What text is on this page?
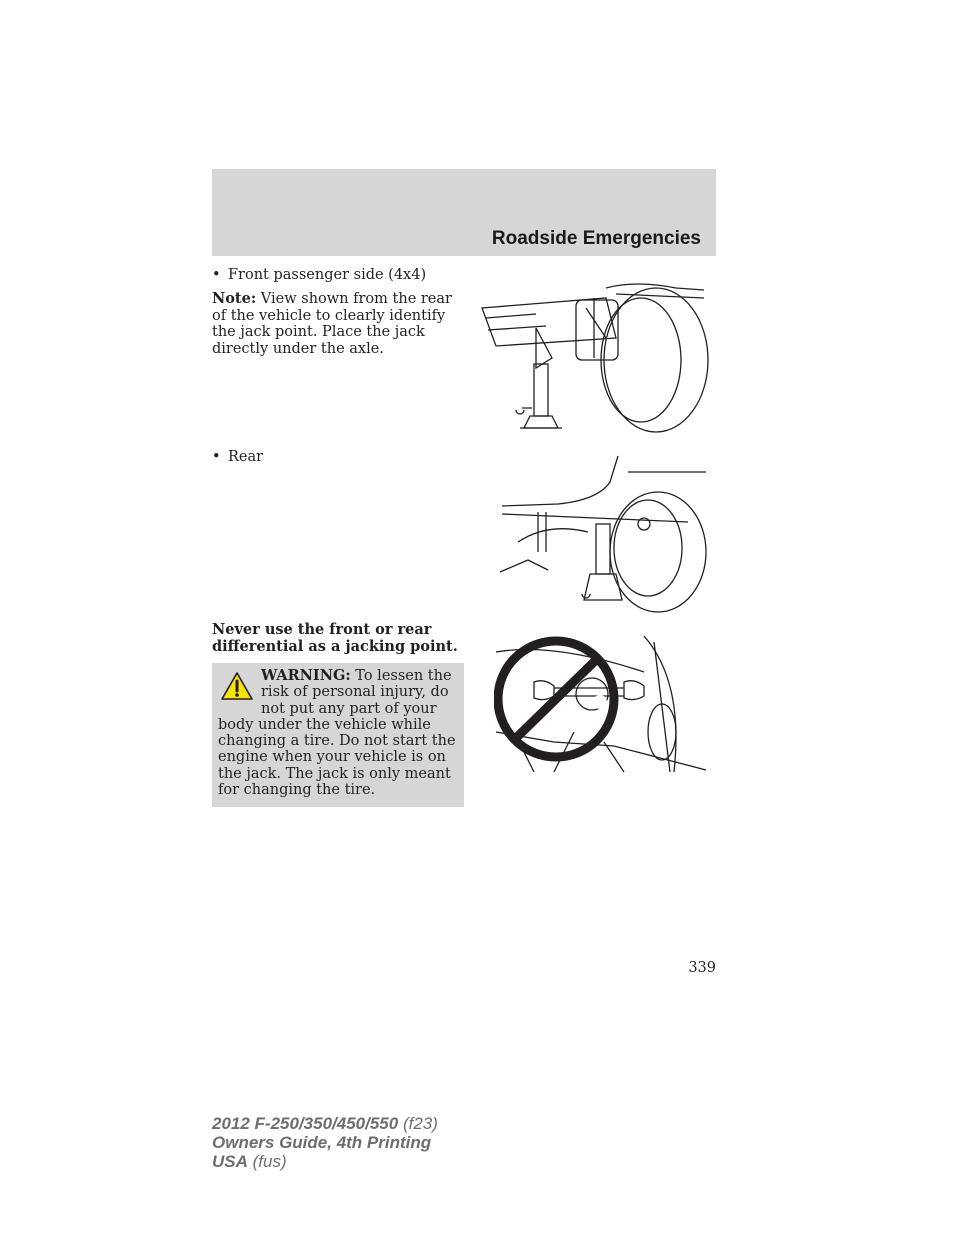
Roadside Emergencies
• Front passenger side (4x4)
Note: View shown from the rear of the vehicle to clearly identify the jack point. Place the jack directly under the axle.
• Rear
Never use the front or rear differential as a jacking point.
WARNING: To lessen the risk of personal injury, do not put any part of your body under the vehicle while changing a tire. Do not start the engine when your vehicle is on the jack. The jack is only meant for changing the tire.
339
2012 F-250/350/450/550 (f23)
Owners Guide, 4th Printing
USA (fus)
